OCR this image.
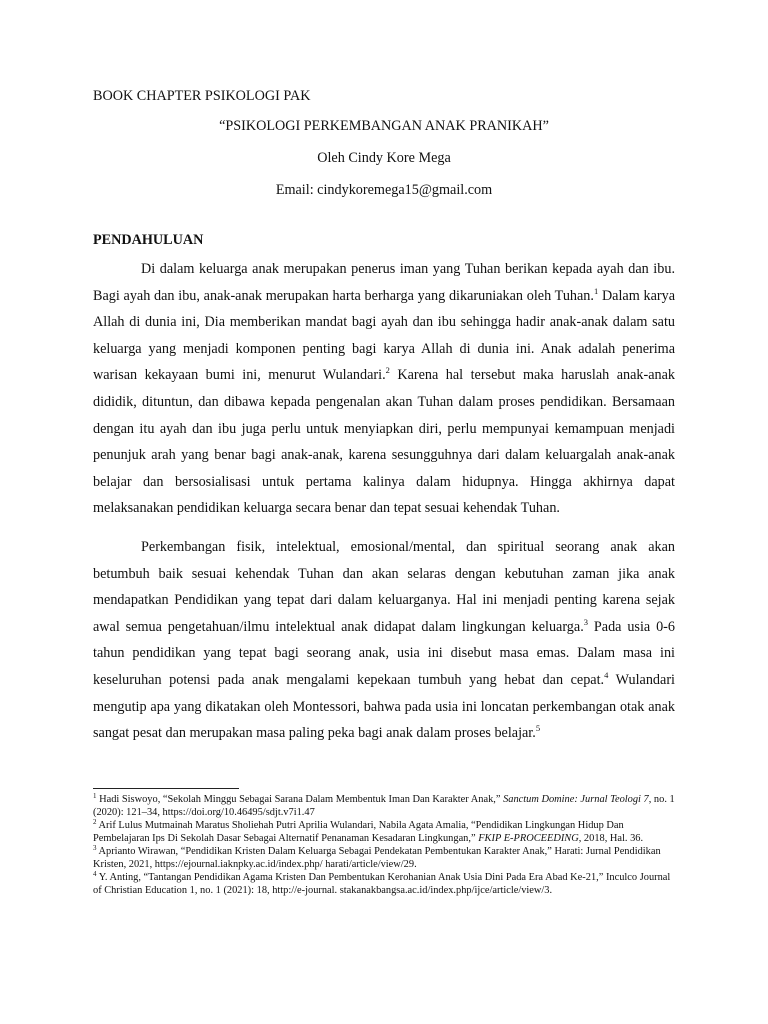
BOOK CHAPTER PSIKOLOGI PAK
“PSIKOLOGI PERKEMBANGAN ANAK PRANIKAH”
Oleh Cindy Kore Mega
Email: cindykoremega15@gmail.com
PENDAHULUAN

Di dalam keluarga anak merupakan penerus iman yang Tuhan berikan kepada ayah dan ibu. Bagi ayah dan ibu, anak-anak merupakan harta berharga yang dikaruniakan oleh Tuhan.$^1$ Dalam karya Allah di dunia ini, Dia memberikan mandat bagi ayah dan ibu sehingga hadir anak-anak dalam satu keluarga yang menjadi komponen penting bagi karya Allah di dunia ini. Anak adalah penerima warisan kekayaan bumi ini, menurut Wulandari.$^2$ Karena hal tersebut maka haruslah anak-anak dididik, dituntun, dan dibawa kepada pengenalan akan Tuhan dalam proses pendidikan. Bersamaan dengan itu ayah dan ibu juga perlu untuk menyiapkan diri, perlu mempunyai kemampuan menjadi penunjuk arah yang benar bagi anak-anak, karena sesungguhnya dari dalam keluargalah anak-anak belajar dan bersosialisasi untuk pertama kalinya dalam hidupnya. Hingga akhirnya dapat melaksanakan pendidikan keluarga secara benar dan tepat sesuai kehendak Tuhan.

Perkembangan fisik, intelektual, emosional/mental, dan spiritual seorang anak akan betumbuh baik sesuai kehendak Tuhan dan akan selaras dengan kebutuhan zaman jika anak mendapatkan Pendidikan yang tepat dari dalam keluarganya. Hal ini menjadi penting karena sejak awal semua pengetahuan/ilmu intelektual anak didapat dalam lingkungan keluarga.$^3$ Pada usia 0-6 tahun pendidikan yang tepat bagi seorang anak, usia ini disebut masa emas. Dalam masa ini keseluruhan potensi pada anak mengalami kepekaan tumbuh yang hebat dan cepat.$^4$ Wulandari mengutip apa yang dikatakan oleh Montessori, bahwa pada usia ini loncatan perkembangan otak anak sangat pesat dan merupakan masa paling peka bagi anak dalam proses belajar.$^5$

$^1$ Hadi Siswoyo, “Sekolah Minggu Sebagai Sarana Dalam Membentuk Iman Dan Karakter Anak,” Sanctum Domine: Jurnal Teologi 7, no. 1 (2020): 121–34, https://doi.org/10.46495/sdjt.v7i1.47

$^2$ Arif Lulus Mutmainah Maratus Sholiehah Putri Aprilia Wulandari, Nabila Agata Amalia, “Pendidikan Lingkungan Hidup Dan Pembelajaran Ips Di Sekolah Dasar Sebagai Alternatif Penanaman Kesadaran Lingkungan,” FKIP E-PROCEEDING, 2018, Hal. 36.

$^3$ Aprianto Wirawan, “Pendidikan Kristen Dalam Keluarga Sebagai Pendekatan Pembentukan Karakter Anak,” Harati: Jurnal Pendidikan Kristen, 2021, https://ejournal.iaknpky.ac.id/index.php/ harati/article/view/29.

$^4$ Y. Anting, “Tantangan Pendidikan Agama Kristen Dan Pembentukan Kerohanian Anak Usia Dini Pada Era Abad Ke-21,” Inculco Journal of Christian Education 1, no. 1 (2021): 18, http://e-journal. stakanakbangsa.ac.id/index.php/ijce/article/view/3.
